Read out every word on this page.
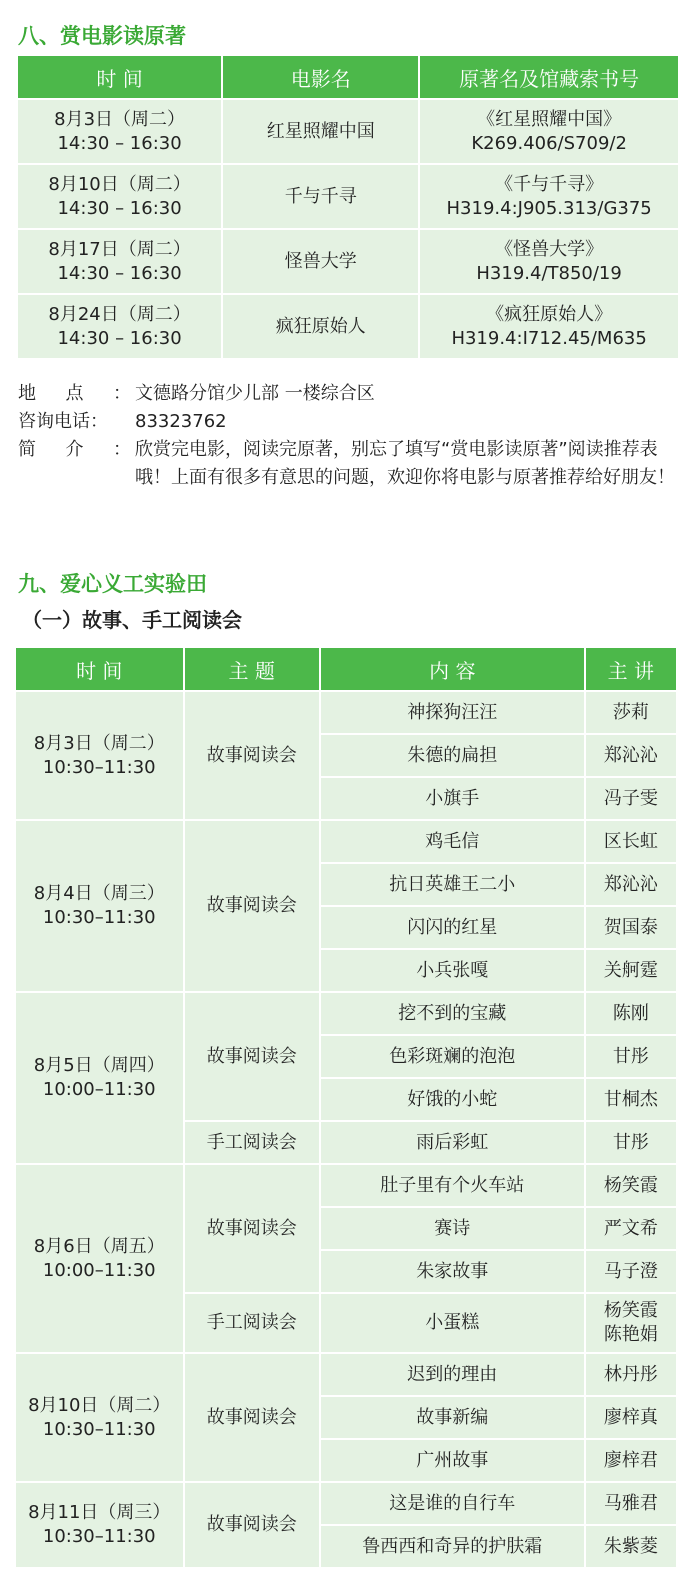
八、赏电影读原著
时 间	电影名	原著名及馆藏索书号

8月3日（周二）
14:30 – 16:30	红星照耀中国	《红星照耀中国》
K269.406/S709/2

8月10日（周二）
14:30 – 16:30	千与千寻	《千与千寻》
H319.4:J905.313/G375

8月17日（周二）
14:30 – 16:30	怪兽大学	《怪兽大学》
H319.4/T850/19

8月24日（周二）
14:30 – 16:30	疯狂原始人	《疯狂原始人》
H319.4:I712.45/M635
地点： 文德路分馆少儿部 一楼综合区
咨询电话：	83323762
简介： 欣赏完电影，阅读完原著，别忘了填写“赏电影读原著”阅读推荐表哦！上面有很多有意思的问题，欢迎你将电影与原著推荐给好朋友！
九、爱心义工实验田
（一）故事、手工阅读会
时 间	主 题	内 容	主 讲

8月3日（周二）
10:30–11:30	故事阅读会	神探狗汪汪	莎莉
		朱德的扁担	郑沁沁
		小旗手	冯子雯

8月4日（周三）
10:30–11:30	故事阅读会	鸡毛信	区长虹
		抗日英雄王二小	郑沁沁
		闪闪的红星	贺国泰
		小兵张嘎	关舸霆

8月5日（周四）
10:00–11:30	故事阅读会	挖不到的宝藏	陈刚
		色彩斑斓的泡泡	甘彤
		好饿的小蛇	甘桐杰
	手工阅读会	雨后彩虹	甘彤

8月6日（周五）
10:00–11:30	故事阅读会	肚子里有个火车站	杨笑霞
		赛诗	严文希
		朱家故事	马子澄
	手工阅读会	小蛋糕	杨笑霞
陈艳娟

8月10日（周二）
10:30–11:30	故事阅读会	迟到的理由	林丹彤
		故事新编	廖梓真
		广州故事	廖梓君

8月11日（周三）
10:30–11:30	故事阅读会	这是谁的自行车	马雅君
		鲁西西和奇异的护肤霜	朱紫菱
